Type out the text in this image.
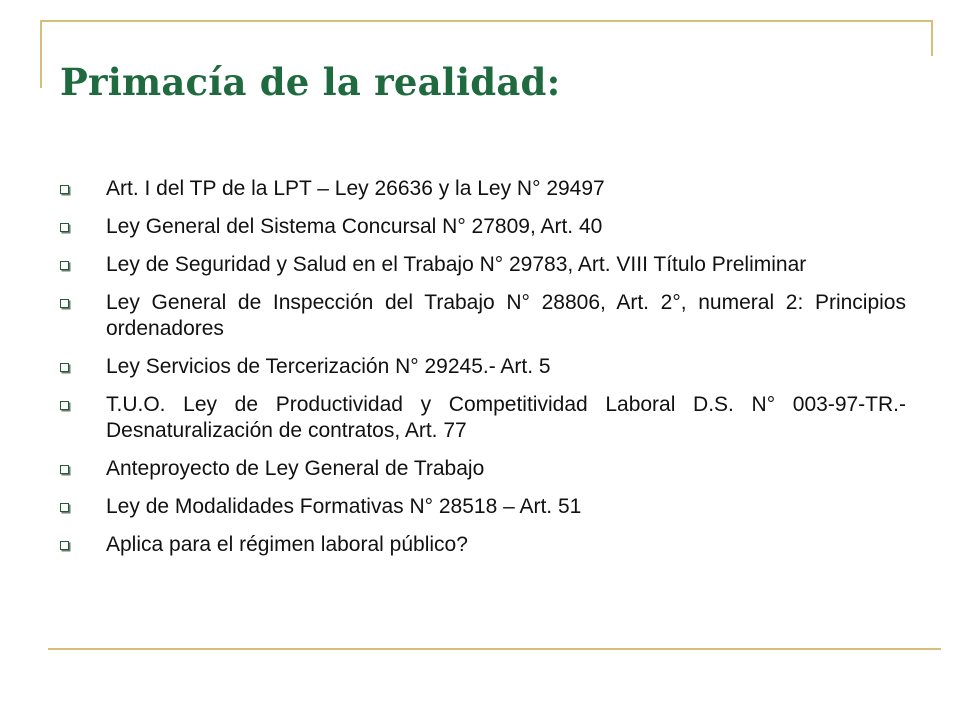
Primacía de la realidad:
Art. I del TP de la LPT – Ley 26636 y la Ley N° 29497
Ley General del Sistema Concursal N° 27809, Art. 40
Ley de Seguridad y Salud en el Trabajo N° 29783, Art. VIII Título Preliminar
Ley General de Inspección del Trabajo N° 28806, Art. 2°, numeral 2: Principios ordenadores
Ley Servicios de Tercerización N° 29245.- Art. 5
T.U.O. Ley de Productividad y Competitividad Laboral D.S. N° 003-97-TR.- Desnaturalización de contratos, Art. 77
Anteproyecto de Ley General de Trabajo
Ley de Modalidades Formativas N° 28518 – Art. 51
Aplica para el régimen laboral público?
